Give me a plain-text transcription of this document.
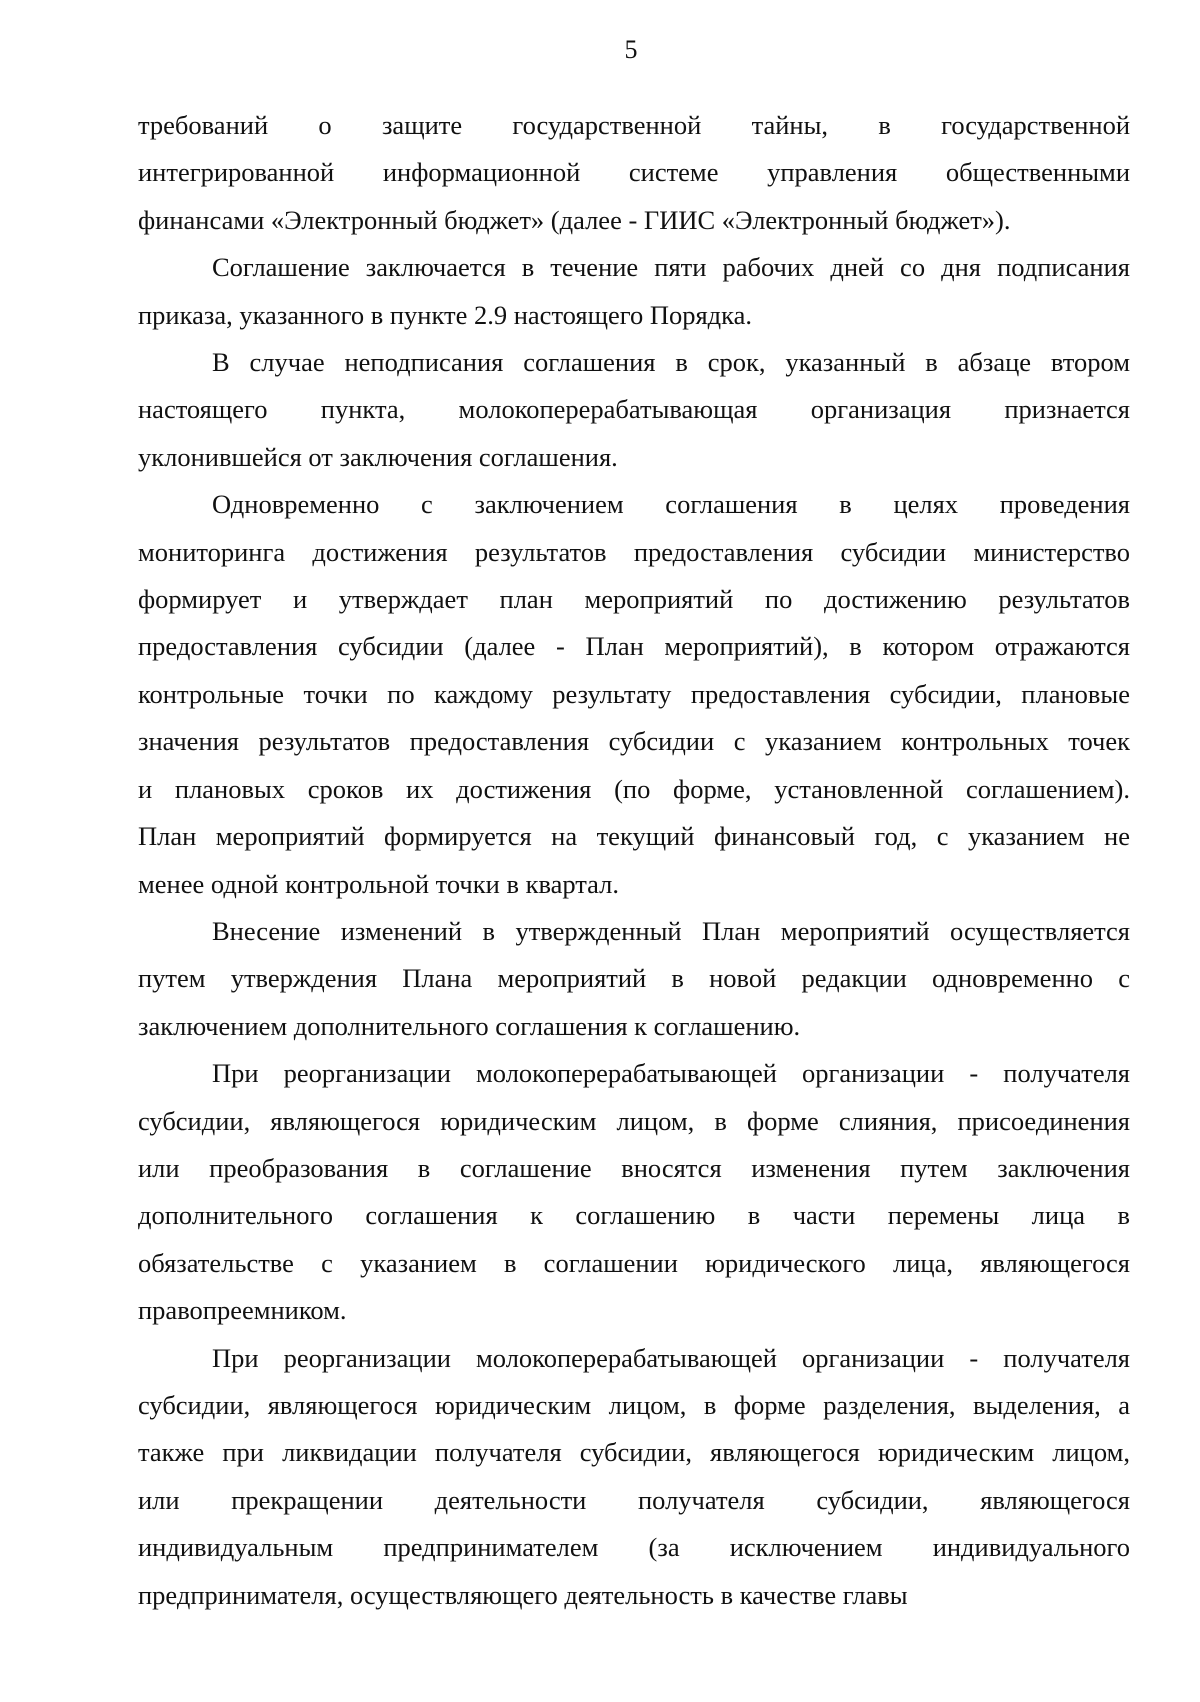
5
требований о защите государственной тайны, в государственной
интегрированной информационной системе управления общественными
финансами «Электронный бюджет» (далее - ГИИС «Электронный бюджет»).
Соглашение заключается в течение пяти рабочих дней со дня подписания
приказа, указанного в пункте 2.9 настоящего Порядка.
В случае неподписания соглашения в срок, указанный в абзаце втором
настоящего пункта, молокоперерабатывающая организация признается
уклонившейся от заключения соглашения.
Одновременно с заключением соглашения в целях проведения
мониторинга достижения результатов предоставления субсидии министерство
формирует и утверждает план мероприятий по достижению результатов
предоставления субсидии (далее - План мероприятий), в котором отражаются
контрольные точки по каждому результату предоставления субсидии, плановые
значения результатов предоставления субсидии с указанием контрольных точек
и плановых сроков их достижения (по форме, установленной соглашением).
План мероприятий формируется на текущий финансовый год, с указанием не
менее одной контрольной точки в квартал.
Внесение изменений в утвержденный План мероприятий осуществляется
путем утверждения Плана мероприятий в новой редакции одновременно с
заключением дополнительного соглашения к соглашению.
При реорганизации молокоперерабатывающей организации - получателя
субсидии, являющегося юридическим лицом, в форме слияния, присоединения
или преобразования в соглашение вносятся изменения путем заключения
дополнительного соглашения к соглашению в части перемены лица в
обязательстве с указанием в соглашении юридического лица, являющегося
правопреемником.
При реорганизации молокоперерабатывающей организации - получателя
субсидии, являющегося юридическим лицом, в форме разделения, выделения, а
также при ликвидации получателя субсидии, являющегося юридическим лицом,
или прекращении деятельности получателя субсидии, являющегося
индивидуальным предпринимателем (за исключением индивидуального
предпринимателя, осуществляющего деятельность в качестве главы
